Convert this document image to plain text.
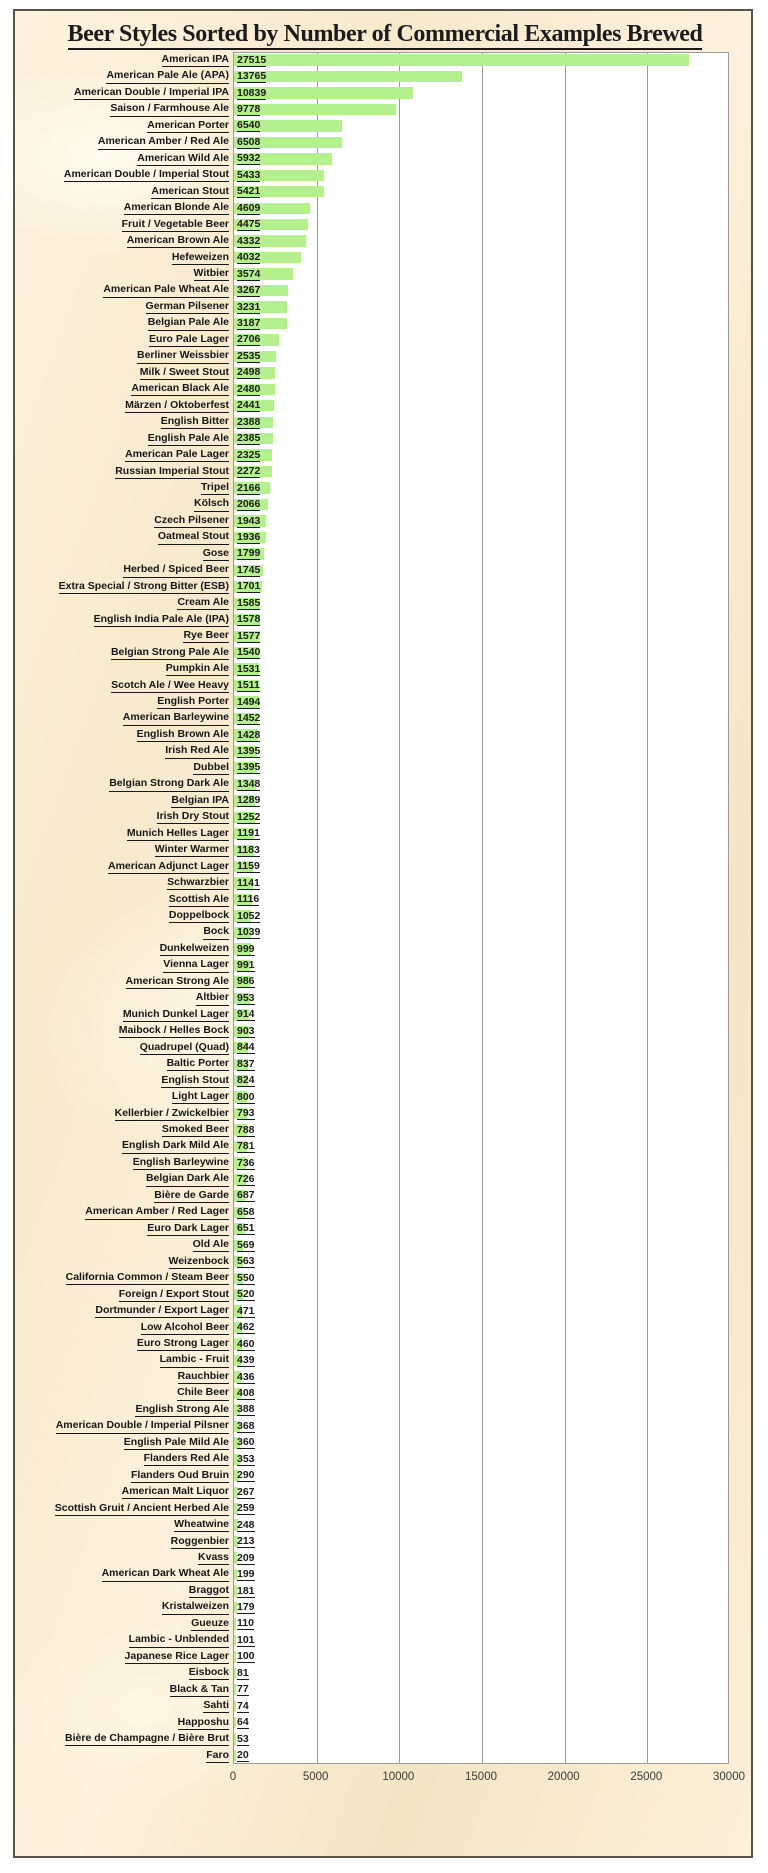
Beer Styles Sorted by Number of Commercial Examples Brewed
American IPA 27515
American Pale Ale (APA) 13765
American Double / Imperial IPA 10839
Saison / Farmhouse Ale 9778
American Porter 6540
American Amber / Red Ale 6508
American Wild Ale 5932
American Double / Imperial Stout 5433
American Stout 5421
American Blonde Ale 4609
Fruit / Vegetable Beer 4475
American Brown Ale 4332
Hefeweizen 4032
Witbier 3574
American Pale Wheat Ale 3267
German Pilsener 3231
Belgian Pale Ale 3187
Euro Pale Lager 2706
Berliner Weissbier 2535
Milk / Sweet Stout 2498
American Black Ale 2480
Märzen / Oktoberfest 2441
English Bitter 2388
English Pale Ale 2385
American Pale Lager 2325
Russian Imperial Stout 2272
Tripel 2166
Kölsch 2066
Czech Pilsener 1943
Oatmeal Stout 1936
Gose 1799
Herbed / Spiced Beer 1745
Extra Special / Strong Bitter (ESB) 1701
Cream Ale 1585
English India Pale Ale (IPA) 1578
Rye Beer 1577
Belgian Strong Pale Ale 1540
Pumpkin Ale 1531
Scotch Ale / Wee Heavy 1511
English Porter 1494
American Barleywine 1452
English Brown Ale 1428
Irish Red Ale 1395
Dubbel 1395
Belgian Strong Dark Ale 1348
Belgian IPA 1289
Irish Dry Stout 1252
Munich Helles Lager 1191
Winter Warmer 1183
American Adjunct Lager 1159
Schwarzbier 1141
Scottish Ale 1116
Doppelbock 1052
Bock 1039
Dunkelweizen 999
Vienna Lager 991
American Strong Ale 986
Altbier 953
Munich Dunkel Lager 914
Maibock / Helles Bock 903
Quadrupel (Quad) 844
Baltic Porter 837
English Stout 824
Light Lager 800
Kellerbier / Zwickelbier 793
Smoked Beer 788
English Dark Mild Ale 781
English Barleywine 736
Belgian Dark Ale 726
Bière de Garde 687
American Amber / Red Lager 658
Euro Dark Lager 651
Old Ale 569
Weizenbock 563
California Common / Steam Beer 550
Foreign / Export Stout 520
Dortmunder / Export Lager 471
Low Alcohol Beer 462
Euro Strong Lager 460
Lambic - Fruit 439
Rauchbier 436
Chile Beer 408
English Strong Ale 388
American Double / Imperial Pilsner 368
English Pale Mild Ale 360
Flanders Red Ale 353
Flanders Oud Bruin 290
American Malt Liquor 267
Scottish Gruit / Ancient Herbed Ale 259
Wheatwine 248
Roggenbier 213
Kvass 209
American Dark Wheat Ale 199
Braggot 181
Kristalweizen 179
Gueuze 110
Lambic - Unblended 101
Japanese Rice Lager 100
Eisbock 81
Black & Tan 77
Sahti 74
Happoshu 64
Bière de Champagne / Bière Brut 53
Faro 20
0	5000	10000	15000	20000	25000	30000
